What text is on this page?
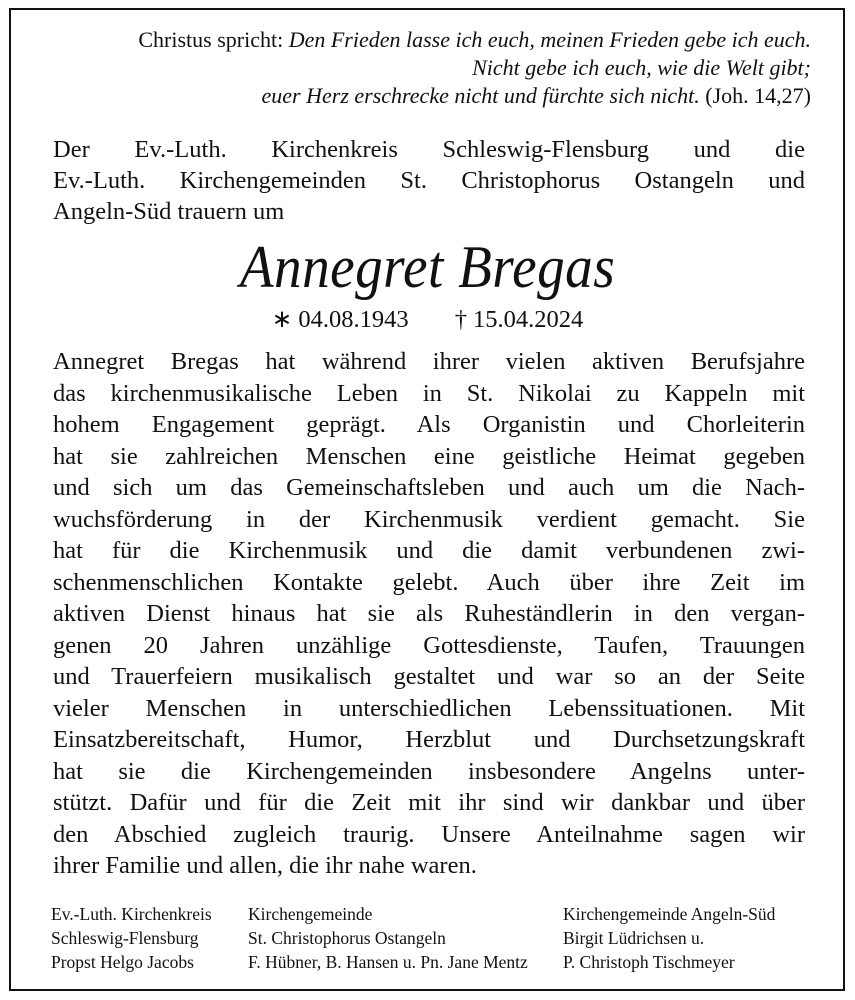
Christus spricht: Den Frieden lasse ich euch, meinen Frieden gebe ich euch.
Nicht gebe ich euch, wie die Welt gibt;
euer Herz erschrecke nicht und fürchte sich nicht. (Joh. 14,27)
Der Ev.-Luth. Kirchenkreis Schleswig-Flensburg und die
Ev.-Luth. Kirchengemeinden St. Christophorus Ostangeln und
Angeln-Süd trauern um
Annegret Bregas
∗ 04.08.1943 † 15.04.2024
Annegret Bregas hat während ihrer vielen aktiven Berufsjahre
das kirchenmusikalische Leben in St. Nikolai zu Kappeln mit
hohem Engagement geprägt. Als Organistin und Chorleiterin
hat sie zahlreichen Menschen eine geistliche Heimat gegeben
und sich um das Gemeinschaftsleben und auch um die Nach-
wuchsförderung in der Kirchenmusik verdient gemacht. Sie
hat für die Kirchenmusik und die damit verbundenen zwi-
schenmenschlichen Kontakte gelebt. Auch über ihre Zeit im
aktiven Dienst hinaus hat sie als Ruheständlerin in den vergan-
genen 20 Jahren unzählige Gottesdienste, Taufen, Trauungen
und Trauerfeiern musikalisch gestaltet und war so an der Seite
vieler Menschen in unterschiedlichen Lebenssituationen. Mit
Einsatzbereitschaft, Humor, Herzblut und Durchsetzungskraft
hat sie die Kirchengemeinden insbesondere Angelns unter-
stützt. Dafür und für die Zeit mit ihr sind wir dankbar und über
den Abschied zugleich traurig. Unsere Anteilnahme sagen wir
ihrer Familie und allen, die ihr nahe waren.
Ev.-Luth. Kirchenkreis
Schleswig-Flensburg
Propst Helgo Jacobs
Kirchengemeinde
St. Christophorus Ostangeln
F. Hübner, B. Hansen u. Pn. Jane Mentz
Kirchengemeinde Angeln-Süd
Birgit Lüdrichsen u.
P. Christoph Tischmeyer
